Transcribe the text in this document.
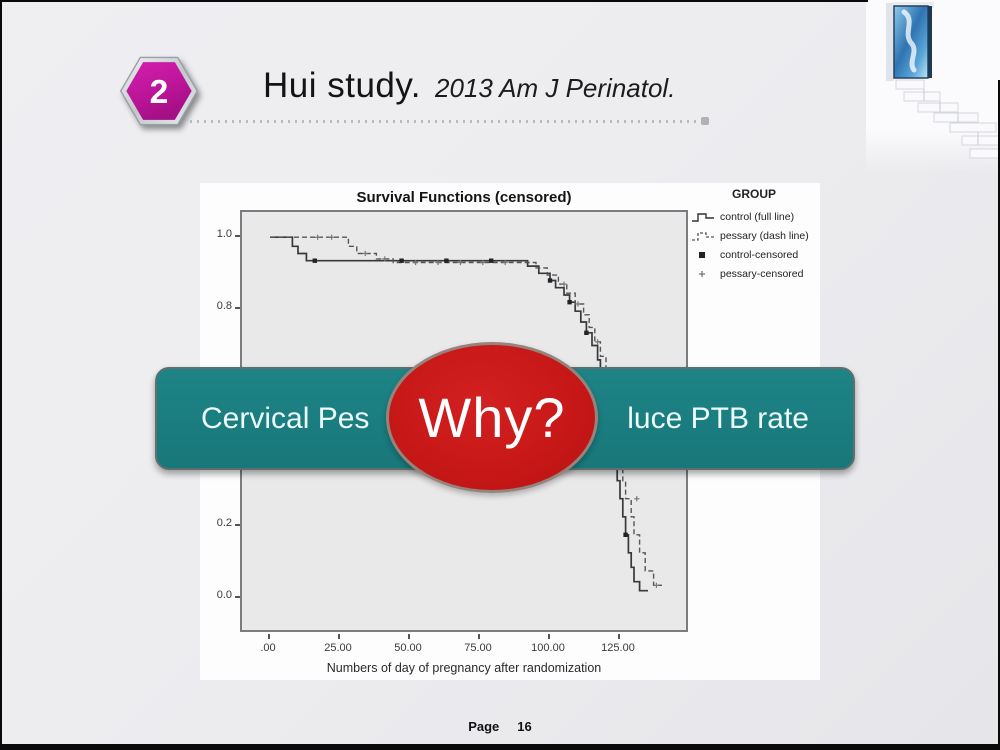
2	Hui study. 2013 Am J Perinatol.
Survival Functions (censored)
1.0
0.8
0.2
0.0
.00	25.00	50.00	75.00	100.00	125.00
Numbers of day of pregnancy after randomization
GROUP
control (full line)
pessary (dash line)
control-censored
pessary-censored
Cervical Pes	luce PTB rate
Why?
Page 16
